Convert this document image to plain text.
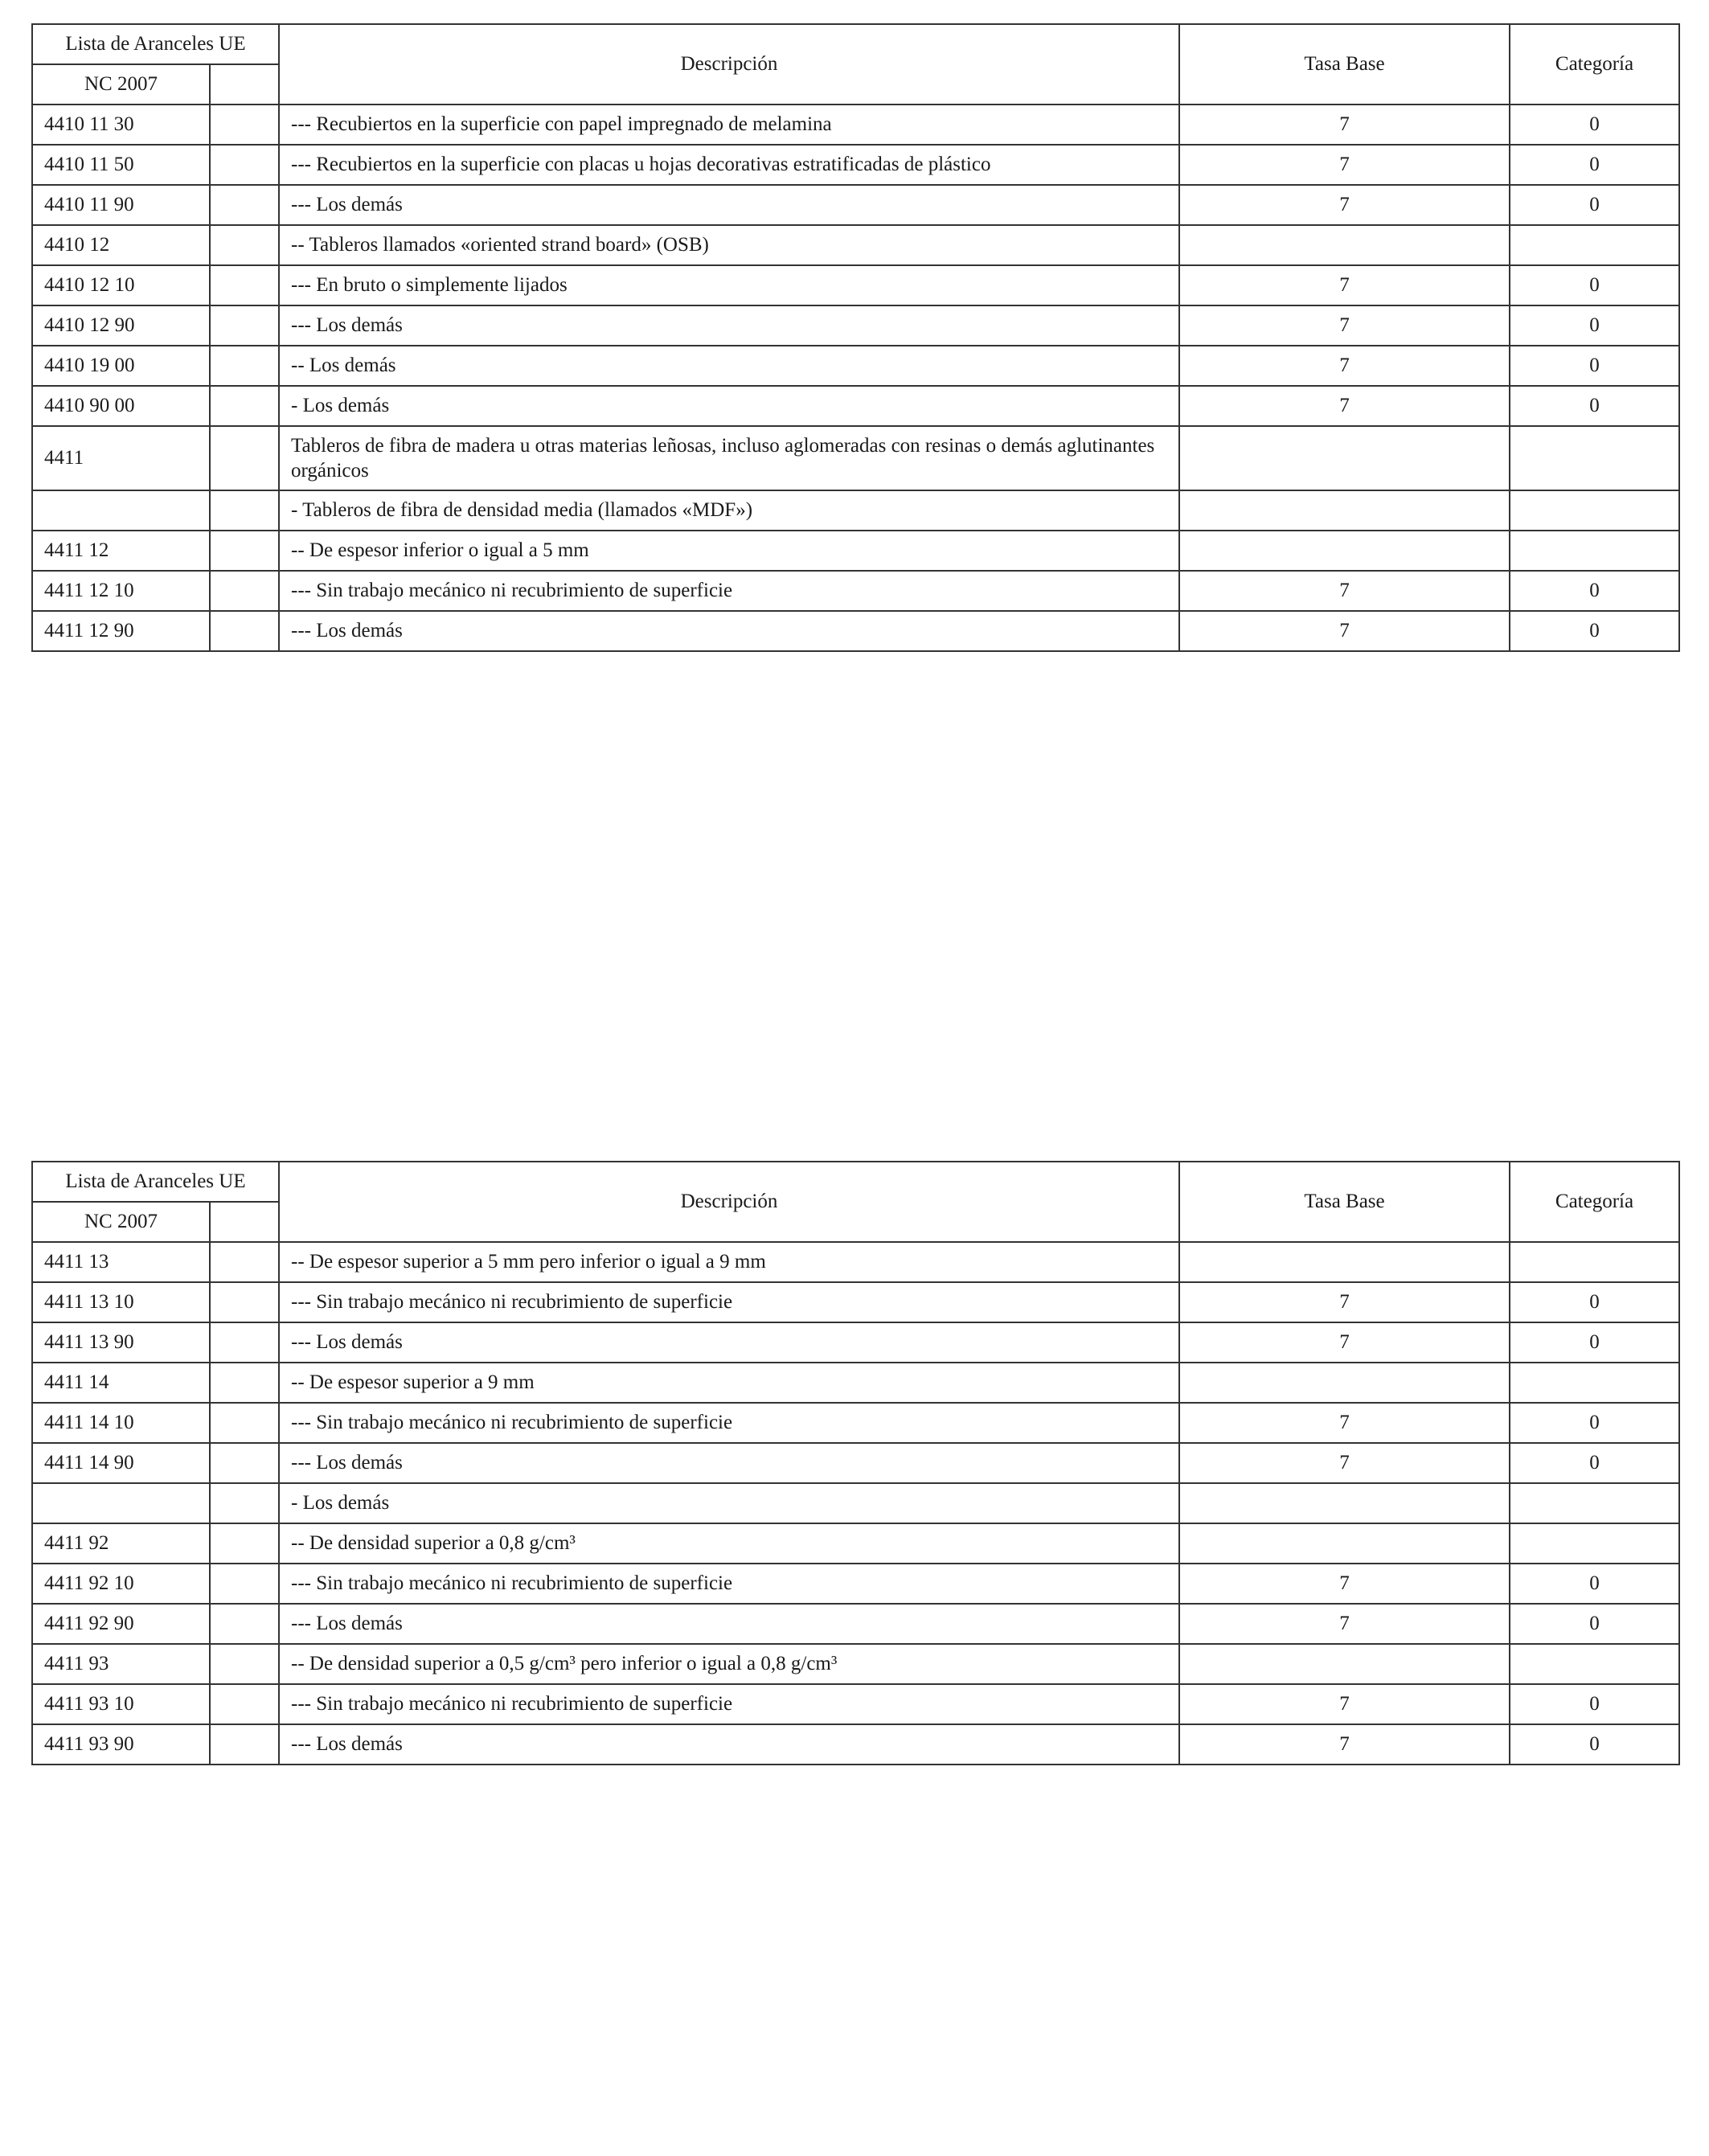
Lista de Aranceles UE		Descripción	Tasa Base	Categoría
NC 2007				
4410 11 30		--- Recubiertos en la superficie con papel impregnado de melamina	7	0
4410 11 50		--- Recubiertos en la superficie con placas u hojas decorativas estratificadas de plástico	7	0
4410 11 90		--- Los demás	7	0
4410 12		-- Tableros llamados «oriented strand board» (OSB)		
4410 12 10		--- En bruto o simplemente lijados	7	0
4410 12 90		--- Los demás	7	0
4410 19 00		-- Los demás	7	0
4410 90 00		- Los demás	7	0
4411		Tableros de fibra de madera u otras materias leñosas, incluso aglomeradas con resinas o demás aglutinantes orgánicos		
		- Tableros de fibra de densidad media (llamados «MDF»)		
4411 12		-- De espesor inferior o igual a 5 mm		
4411 12 10		--- Sin trabajo mecánico ni recubrimiento de superficie	7	0
4411 12 90		--- Los demás	7	0
Lista de Aranceles UE		Descripción	Tasa Base	Categoría
NC 2007				
4411 13		-- De espesor superior a 5 mm pero inferior o igual a 9 mm		
4411 13 10		--- Sin trabajo mecánico ni recubrimiento de superficie	7	0
4411 13 90		--- Los demás	7	0
4411 14		-- De espesor superior a 9 mm		
4411 14 10		--- Sin trabajo mecánico ni recubrimiento de superficie	7	0
4411 14 90		--- Los demás	7	0
		- Los demás		
4411 92		-- De densidad superior a 0,8 g/cm³		
4411 92 10		--- Sin trabajo mecánico ni recubrimiento de superficie	7	0
4411 92 90		--- Los demás	7	0
4411 93		-- De densidad superior a 0,5 g/cm³ pero inferior o igual a 0,8 g/cm³		
4411 93 10		--- Sin trabajo mecánico ni recubrimiento de superficie	7	0
4411 93 90		--- Los demás	7	0
